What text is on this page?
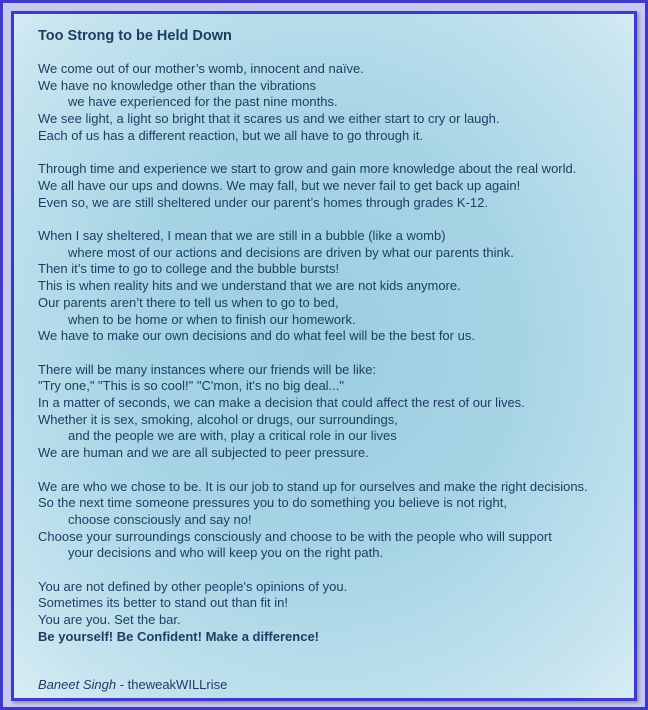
Too Strong to be Held Down
We come out of our mother’s womb, innocent and naïve.
We have no knowledge other than the vibrations
we have experienced for the past nine months.
We see light, a light so bright that it scares us and we either start to cry or laugh.
Each of us has a different reaction, but we all have to go through it.
Through time and experience we start to grow and gain more knowledge about the real world.
We all have our ups and downs. We may fall, but we never fail to get back up again!
Even so, we are still sheltered under our parent’s homes through grades K-12.
When I say sheltered, I mean that we are still in a bubble (like a womb)
where most of our actions and decisions are driven by what our parents think.
Then it’s time to go to college and the bubble bursts!
This is when reality hits and we understand that we are not kids anymore.
Our parents aren’t there to tell us when to go to bed,
when to be home or when to finish our homework.
We have to make our own decisions and do what feel will be the best for us.
There will be many instances where our friends will be like:
"Try one," "This is so cool!" "C'mon, it's no big deal..."
In a matter of seconds, we can make a decision that could affect the rest of our lives.
Whether it is sex, smoking, alcohol or drugs, our surroundings,
and the people we are with, play a critical role in our lives
We are human and we are all subjected to peer pressure.
We are who we chose to be. It is our job to stand up for ourselves and make the right decisions.
So the next time someone pressures you to do something you believe is not right,
choose consciously and say no!
Choose your surroundings consciously and choose to be with the people who will support
your decisions and who will keep you on the right path.
You are not defined by other people's opinions of you.
Sometimes its better to stand out than fit in!
You are you. Set the bar.
Be yourself! Be Confident! Make a difference!
Baneet Singh - theweakWILLrise
